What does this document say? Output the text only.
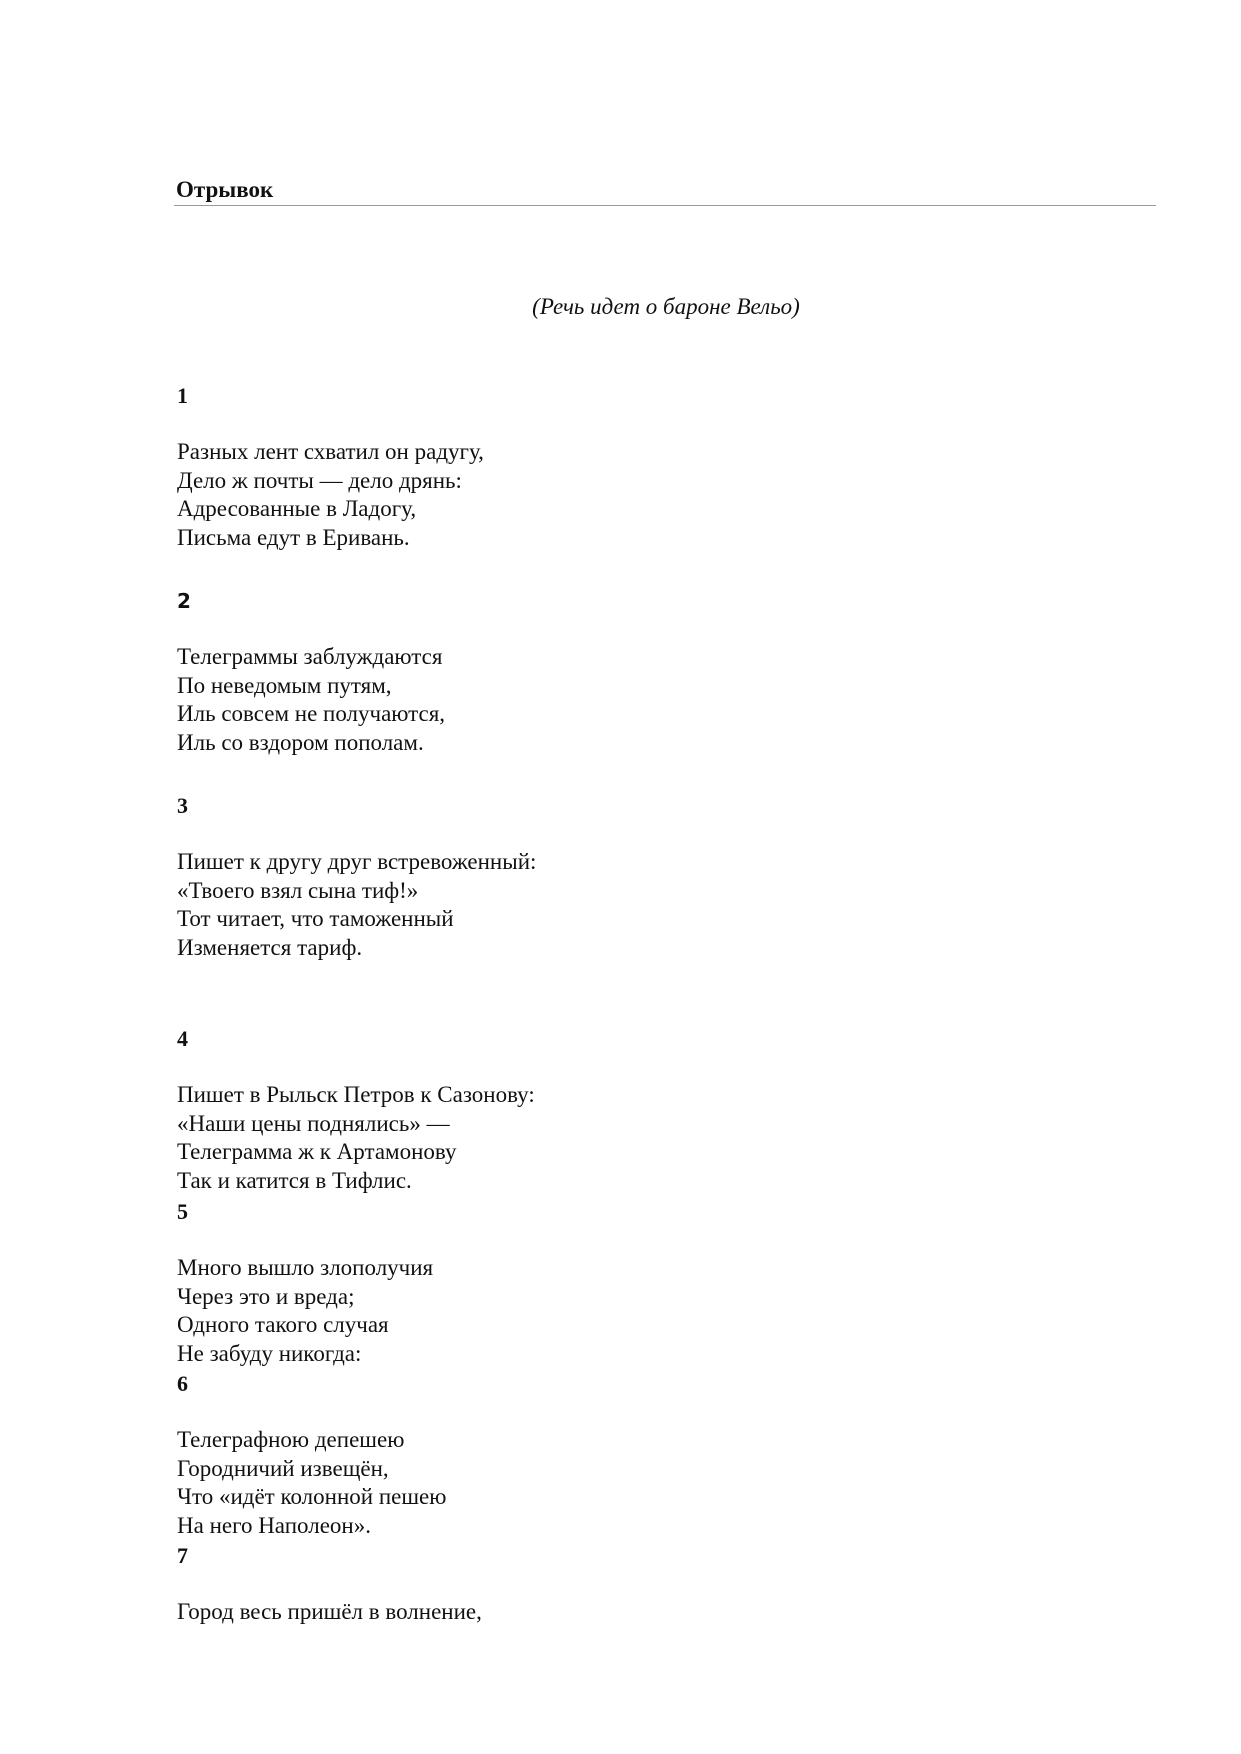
Отрывок
(Речь идет о бароне Вельо)
1
Разных лент схватил он радугу,
Дело ж почты — дело дрянь:
Адресованные в Ладогу,
Письма едут в Еривань.
2
Телеграммы заблуждаются
По неведомым путям,
Иль совсем не получаются,
Иль со вздором пополам.
3
Пишет к другу друг встревоженный:
«Твоего взял сына тиф!»
Тот читает, что таможенный
Изменяется тариф.
4
Пишет в Рыльск Петров к Сазонову:
«Наши цены поднялись» —
Телеграмма ж к Артамонову
Так и катится в Тифлис.
5
Много вышло злополучия
Через это и вреда;
Одного такого случая
Не забуду никогда:
6
Телеграфною депешею
Городничий извещён,
Что «идёт колонной пешею
На него Наполеон».
7
Город весь пришёл в волнение,
